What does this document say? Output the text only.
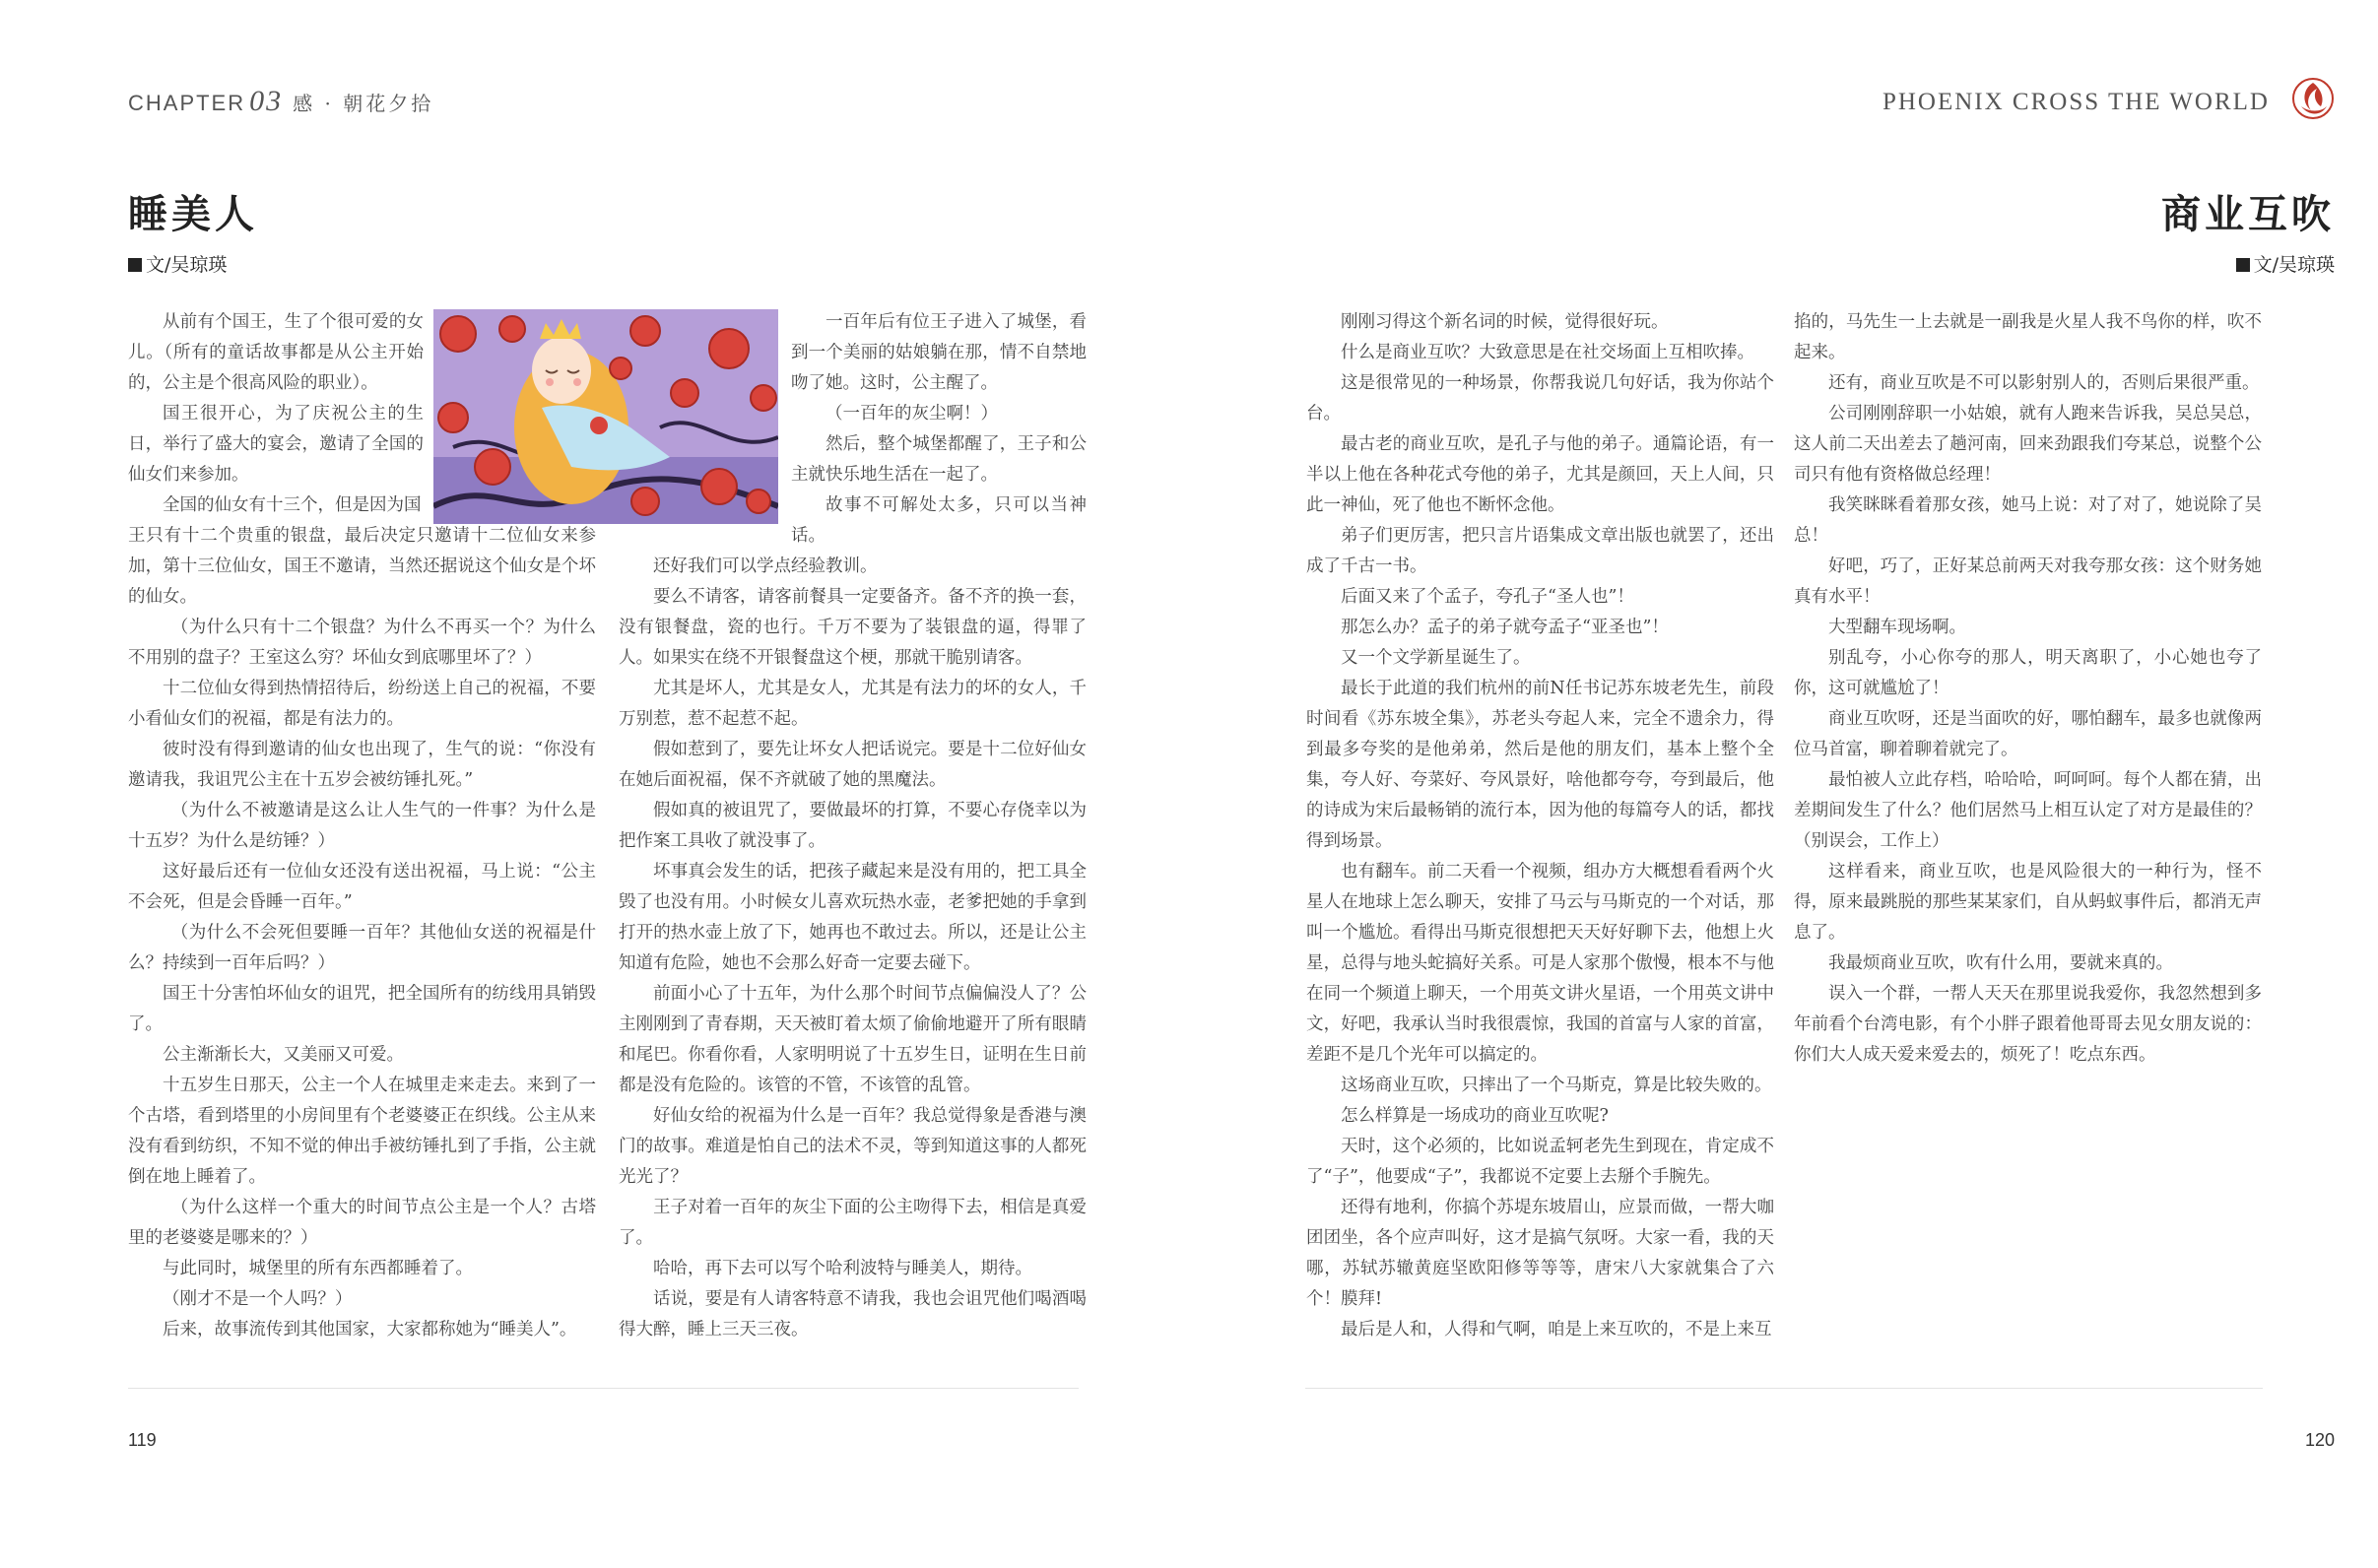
CHAPTER 03 感 · 朝花夕拾
睡美人
文/吴琼瑛

从前有个国王，生了个很可爱的女儿。（所有的童话故事都是从公主开始的，公主是个很高风险的职业）。

国王很开心，为了庆祝公主的生日，举行了盛大的宴会，邀请了全国的仙女们来参加。

全国的仙女有十三个，但是因为国

王只有十二个贵重的银盘，最后决定只邀请十二位仙女来参加，第十三位仙女，国王不邀请，当然还据说这个仙女是个坏的仙女。

（为什么只有十二个银盘？为什么不再买一个？为什么不用别的盘子？王室这么穷？坏仙女到底哪里坏了？）

十二位仙女得到热情招待后，纷纷送上自己的祝福，不要小看仙女们的祝福，都是有法力的。

彼时没有得到邀请的仙女也出现了，生气的说：“你没有邀请我，我诅咒公主在十五岁会被纺锤扎死。”

（为什么不被邀请是这么让人生气的一件事？为什么是十五岁？为什么是纺锤？）

这好最后还有一位仙女还没有送出祝福，马上说：“公主不会死，但是会昏睡一百年。”

（为什么不会死但要睡一百年？其他仙女送的祝福是什么？持续到一百年后吗？）

国王十分害怕坏仙女的诅咒，把全国所有的纺线用具销毁了。

公主渐渐长大，又美丽又可爱。

十五岁生日那天，公主一个人在城里走来走去。来到了一个古塔，看到塔里的小房间里有个老婆婆正在织线。公主从来没有看到纺织，不知不觉的伸出手被纺锤扎到了手指，公主就倒在地上睡着了。

（为什么这样一个重大的时间节点公主是一个人？古塔里的老婆婆是哪来的？）

与此同时，城堡里的所有东西都睡着了。

（刚才不是一个人吗？）

后来，故事流传到其他国家，大家都称她为“睡美人”。

一百年后有位王子进入了城堡，看到一个美丽的姑娘躺在那，情不自禁地吻了她。这时，公主醒了。

（一百年的灰尘啊！）

然后，整个城堡都醒了，王子和公主就快乐地生活在一起了。

故事不可解处太多，只可以当神话。

还好我们可以学点经验教训。

要么不请客，请客前餐具一定要备齐。备不齐的换一套，没有银餐盘，瓷的也行。千万不要为了装银盘的逼，得罪了人。如果实在绕不开银餐盘这个梗，那就干脆别请客。

尤其是坏人，尤其是女人，尤其是有法力的坏的女人，千万别惹，惹不起惹不起。

假如惹到了，要先让坏女人把话说完。要是十二位好仙女在她后面祝福，保不齐就破了她的黑魔法。

假如真的被诅咒了，要做最坏的打算，不要心存侥幸以为把作案工具收了就没事了。

坏事真会发生的话，把孩子藏起来是没有用的，把工具全毁了也没有用。小时候女儿喜欢玩热水壶，老爹把她的手拿到打开的热水壶上放了下，她再也不敢过去。所以，还是让公主知道有危险，她也不会那么好奇一定要去碰下。

前面小心了十五年，为什么那个时间节点偏偏没人了？公主刚刚到了青春期，天天被盯着太烦了偷偷地避开了所有眼睛和尾巴。你看你看，人家明明说了十五岁生日，证明在生日前都是没有危险的。该管的不管，不该管的乱管。

好仙女给的祝福为什么是一百年？我总觉得象是香港与澳门的故事。难道是怕自己的法术不灵，等到知道这事的人都死光光了？

王子对着一百年的灰尘下面的公主吻得下去，相信是真爱了。

哈哈，再下去可以写个哈利波特与睡美人，期待。

话说，要是有人请客特意不请我，我也会诅咒他们喝酒喝得大醉，睡上三天三夜。

119
PHOENIX CROSS THE WORLD
商业互吹
文/吴琼瑛

刚刚习得这个新名词的时候，觉得很好玩。

什么是商业互吹？大致意思是在社交场面上互相吹捧。

这是很常见的一种场景，你帮我说几句好话，我为你站个台。

最古老的商业互吹，是孔子与他的弟子。通篇论语，有一半以上他在各种花式夸他的弟子，尤其是颜回，天上人间，只此一神仙，死了他也不断怀念他。

弟子们更厉害，把只言片语集成文章出版也就罢了，还出成了千古一书。

后面又来了个孟子，夸孔子“圣人也”！

那怎么办？孟子的弟子就夸孟子“亚圣也”！

又一个文学新星诞生了。

最长于此道的我们杭州的前N任书记苏东坡老先生，前段时间看《苏东坡全集》，苏老头夸起人来，完全不遗余力，得到最多夸奖的是他弟弟，然后是他的朋友们，基本上整个全集，夸人好、夸菜好、夸风景好，啥他都夸夸，夸到最后，他的诗成为宋后最畅销的流行本，因为他的每篇夸人的话，都找得到场景。

也有翻车。前二天看一个视频，组办方大概想看看两个火星人在地球上怎么聊天，安排了马云与马斯克的一个对话，那叫一个尴尬。看得出马斯克很想把天天好好聊下去，他想上火星，总得与地头蛇搞好关系。可是人家那个傲慢，根本不与他在同一个频道上聊天，一个用英文讲火星语，一个用英文讲中文，好吧，我承认当时我很震惊，我国的首富与人家的首富，差距不是几个光年可以搞定的。

这场商业互吹，只摔出了一个马斯克，算是比较失败的。

怎么样算是一场成功的商业互吹呢?

天时，这个必须的，比如说孟轲老先生到现在，肯定成不了“子”，他要成“子”，我都说不定要上去掰个手腕先。

还得有地利，你搞个苏堤东坡眉山，应景而做，一帮大咖团团坐，各个应声叫好，这才是搞气氛呀。大家一看，我的天哪，苏轼苏辙黄庭坚欧阳修等等等，唐宋八大家就集合了六个！膜拜!

最后是人和，人得和气啊，咱是上来互吹的，不是上来互

掐的，马先生一上去就是一副我是火星人我不鸟你的样，吹不起来。

还有，商业互吹是不可以影射别人的，否则后果很严重。

公司刚刚辞职一小姑娘，就有人跑来告诉我，吴总吴总，这人前二天出差去了趟河南，回来劲跟我们夸某总，说整个公司只有他有资格做总经理！

我笑眯眯看着那女孩，她马上说：对了对了，她说除了吴总！

好吧，巧了，正好某总前两天对我夸那女孩：这个财务她真有水平！

大型翻车现场啊。

别乱夸，小心你夸的那人，明天离职了，小心她也夸了你，这可就尴尬了！

商业互吹呀，还是当面吹的好，哪怕翻车，最多也就像两位马首富，聊着聊着就完了。

最怕被人立此存档，哈哈哈，呵呵呵。每个人都在猜，出差期间发生了什么？他们居然马上相互认定了对方是最佳的？（别误会，工作上）

这样看来，商业互吹，也是风险很大的一种行为，怪不得，原来最跳脱的那些某某家们，自从蚂蚁事件后，都消无声息了。

我最烦商业互吹，吹有什么用，要就来真的。

误入一个群，一帮人天天在那里说我爱你，我忽然想到多年前看个台湾电影，有个小胖子跟着他哥哥去见女朋友说的：你们大人成天爱来爱去的，烦死了！吃点东西。

120
